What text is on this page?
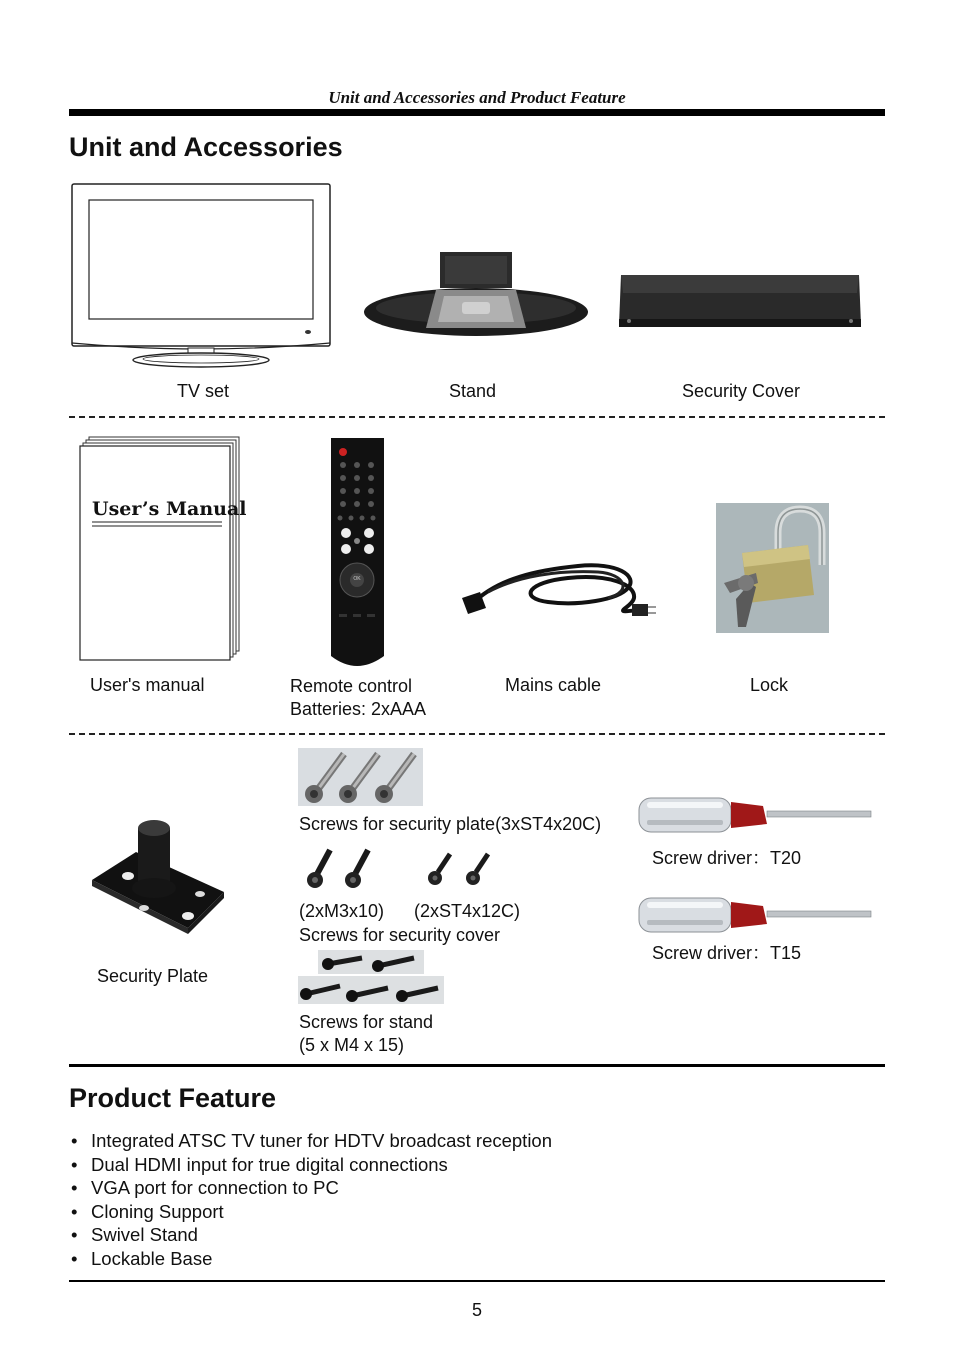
Unit and Accessories and Product Feature
Unit and Accessories
TV set	Stand	Security Cover
User’s Manual
User's manual
OK
Remote control
Batteries: 2xAAA
Mains cable	Lock
Security Plate
Screws for security plate(3xST4x20C)
(2xM3x10) (2xST4x12C)
Screws for security cover
Screws for stand
(5 x M4 x 15)
Screw driver：T20
Screw driver：T15
Product Feature
• Integrated ATSC TV tuner for HDTV broadcast reception
• Dual HDMI input for true digital connections
• VGA port for connection to PC
• Cloning Support
• Swivel Stand
• Lockable Base
5
